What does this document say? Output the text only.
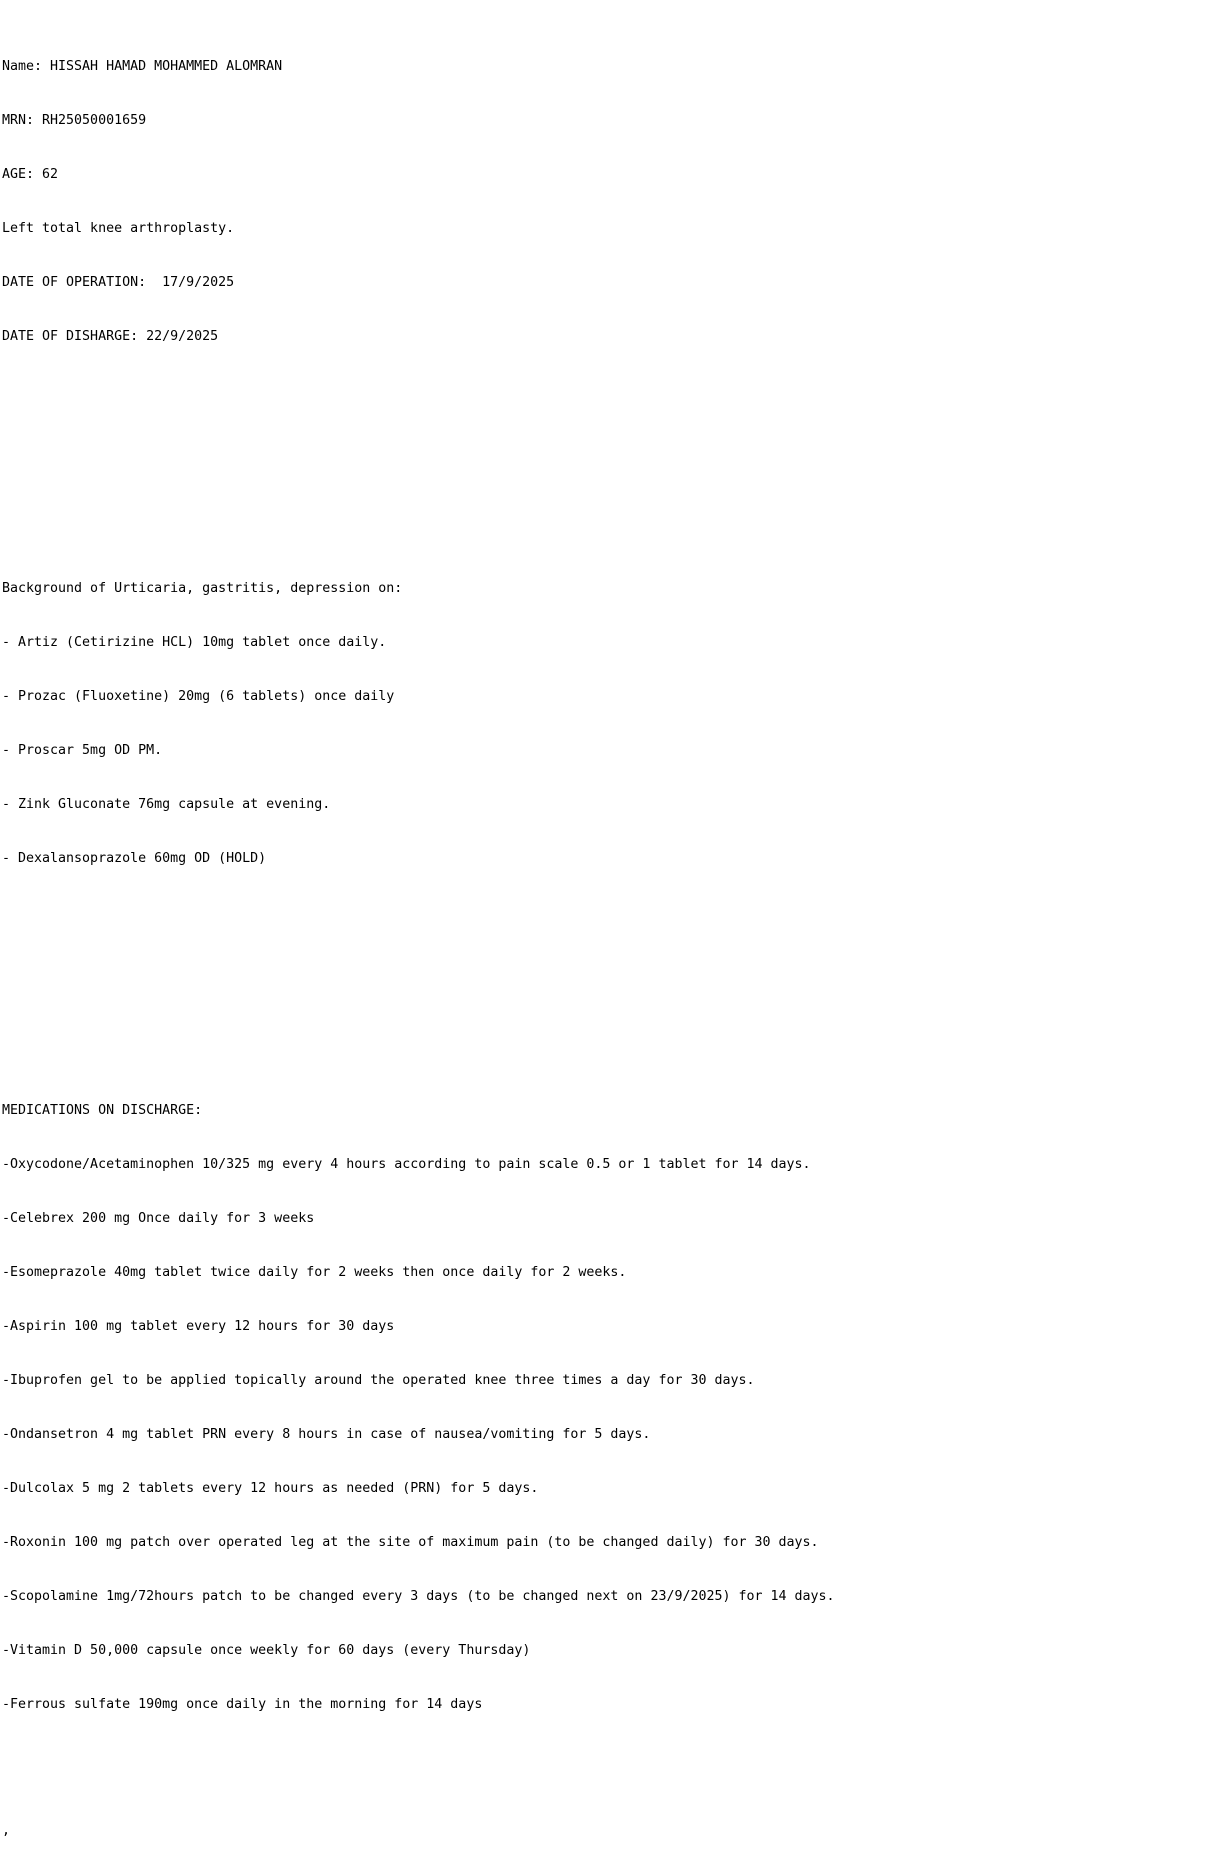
Name: HISSAH HAMAD MOHAMMED ALOMRAN

MRN: RH25050001659

AGE: 62

Left total knee arthroplasty.

DATE OF OPERATION:  17/9/2025

DATE OF DISHARGE: 22/9/2025

Background of Urticaria, gastritis, depression on:

- Artiz (Cetirizine HCL) 10mg tablet once daily.

- Prozac (Fluoxetine) 20mg (6 tablets) once daily

- Proscar 5mg OD PM.

- Zink Gluconate 76mg capsule at evening.

- Dexalansoprazole 60mg OD (HOLD)

MEDICATIONS ON DISCHARGE:

-Oxycodone/Acetaminophen 10/325 mg every 4 hours according to pain scale 0.5 or 1 tablet for 14 days.

-Celebrex 200 mg Once daily for 3 weeks

-Esomeprazole 40mg tablet twice daily for 2 weeks then once daily for 2 weeks.

-Aspirin 100 mg tablet every 12 hours for 30 days

-Ibuprofen gel to be applied topically around the operated knee three times a day for 30 days.

-Ondansetron 4 mg tablet PRN every 8 hours in case of nausea/vomiting for 5 days.

-Dulcolax 5 mg 2 tablets every 12 hours as needed (PRN) for 5 days.

-Roxonin 100 mg patch over operated leg at the site of maximum pain (to be changed daily) for 30 days.

-Scopolamine 1mg/72hours patch to be changed every 3 days (to be changed next on 23/9/2025) for 14 days.

-Vitamin D 50,000 capsule once weekly for 60 days (every Thursday)

-Ferrous sulfate 190mg once daily in the morning for 14 days

,
